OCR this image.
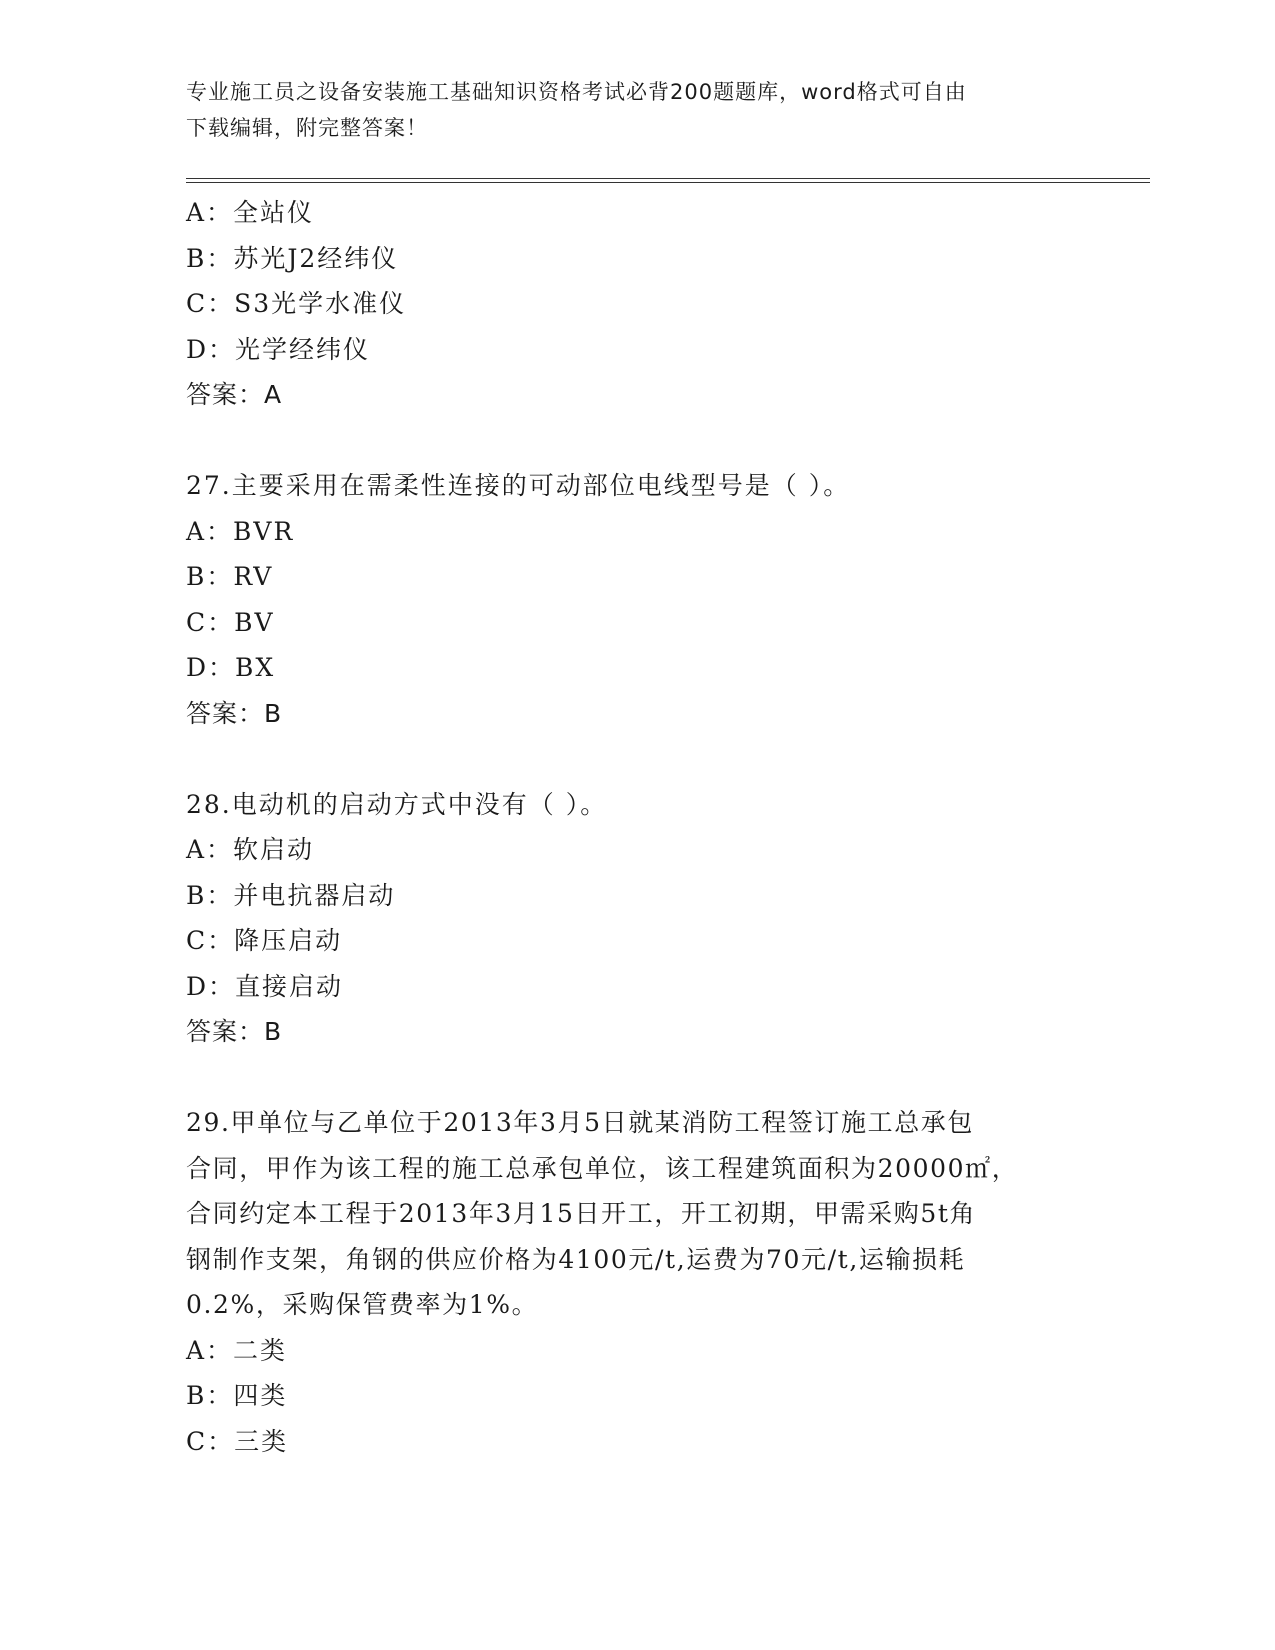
专业施工员之设备安装施工基础知识资格考试必背200题题库，word格式可自由
下载编辑，附完整答案！
A：全站仪
B：苏光J2经纬仪
C：S3光学水准仪
D：光学经纬仪
答案：A
27.主要采用在需柔性连接的可动部位电线型号是（ ）。
A：BVR
B：RV
C：BV
D：BX
答案：B
28.电动机的启动方式中没有（ ）。
A：软启动
B：并电抗器启动
C：降压启动
D：直接启动
答案：B
29.甲单位与乙单位于2013年3月5日就某消防工程签订施工总承包
合同，甲作为该工程的施工总承包单位，该工程建筑面积为20000㎡，
合同约定本工程于2013年3月15日开工，开工初期，甲需采购5t角
钢制作支架，角钢的供应价格为4100元/t,运费为70元/t,运输损耗
0.2%，采购保管费率为1%。
A：二类
B：四类
C：三类
